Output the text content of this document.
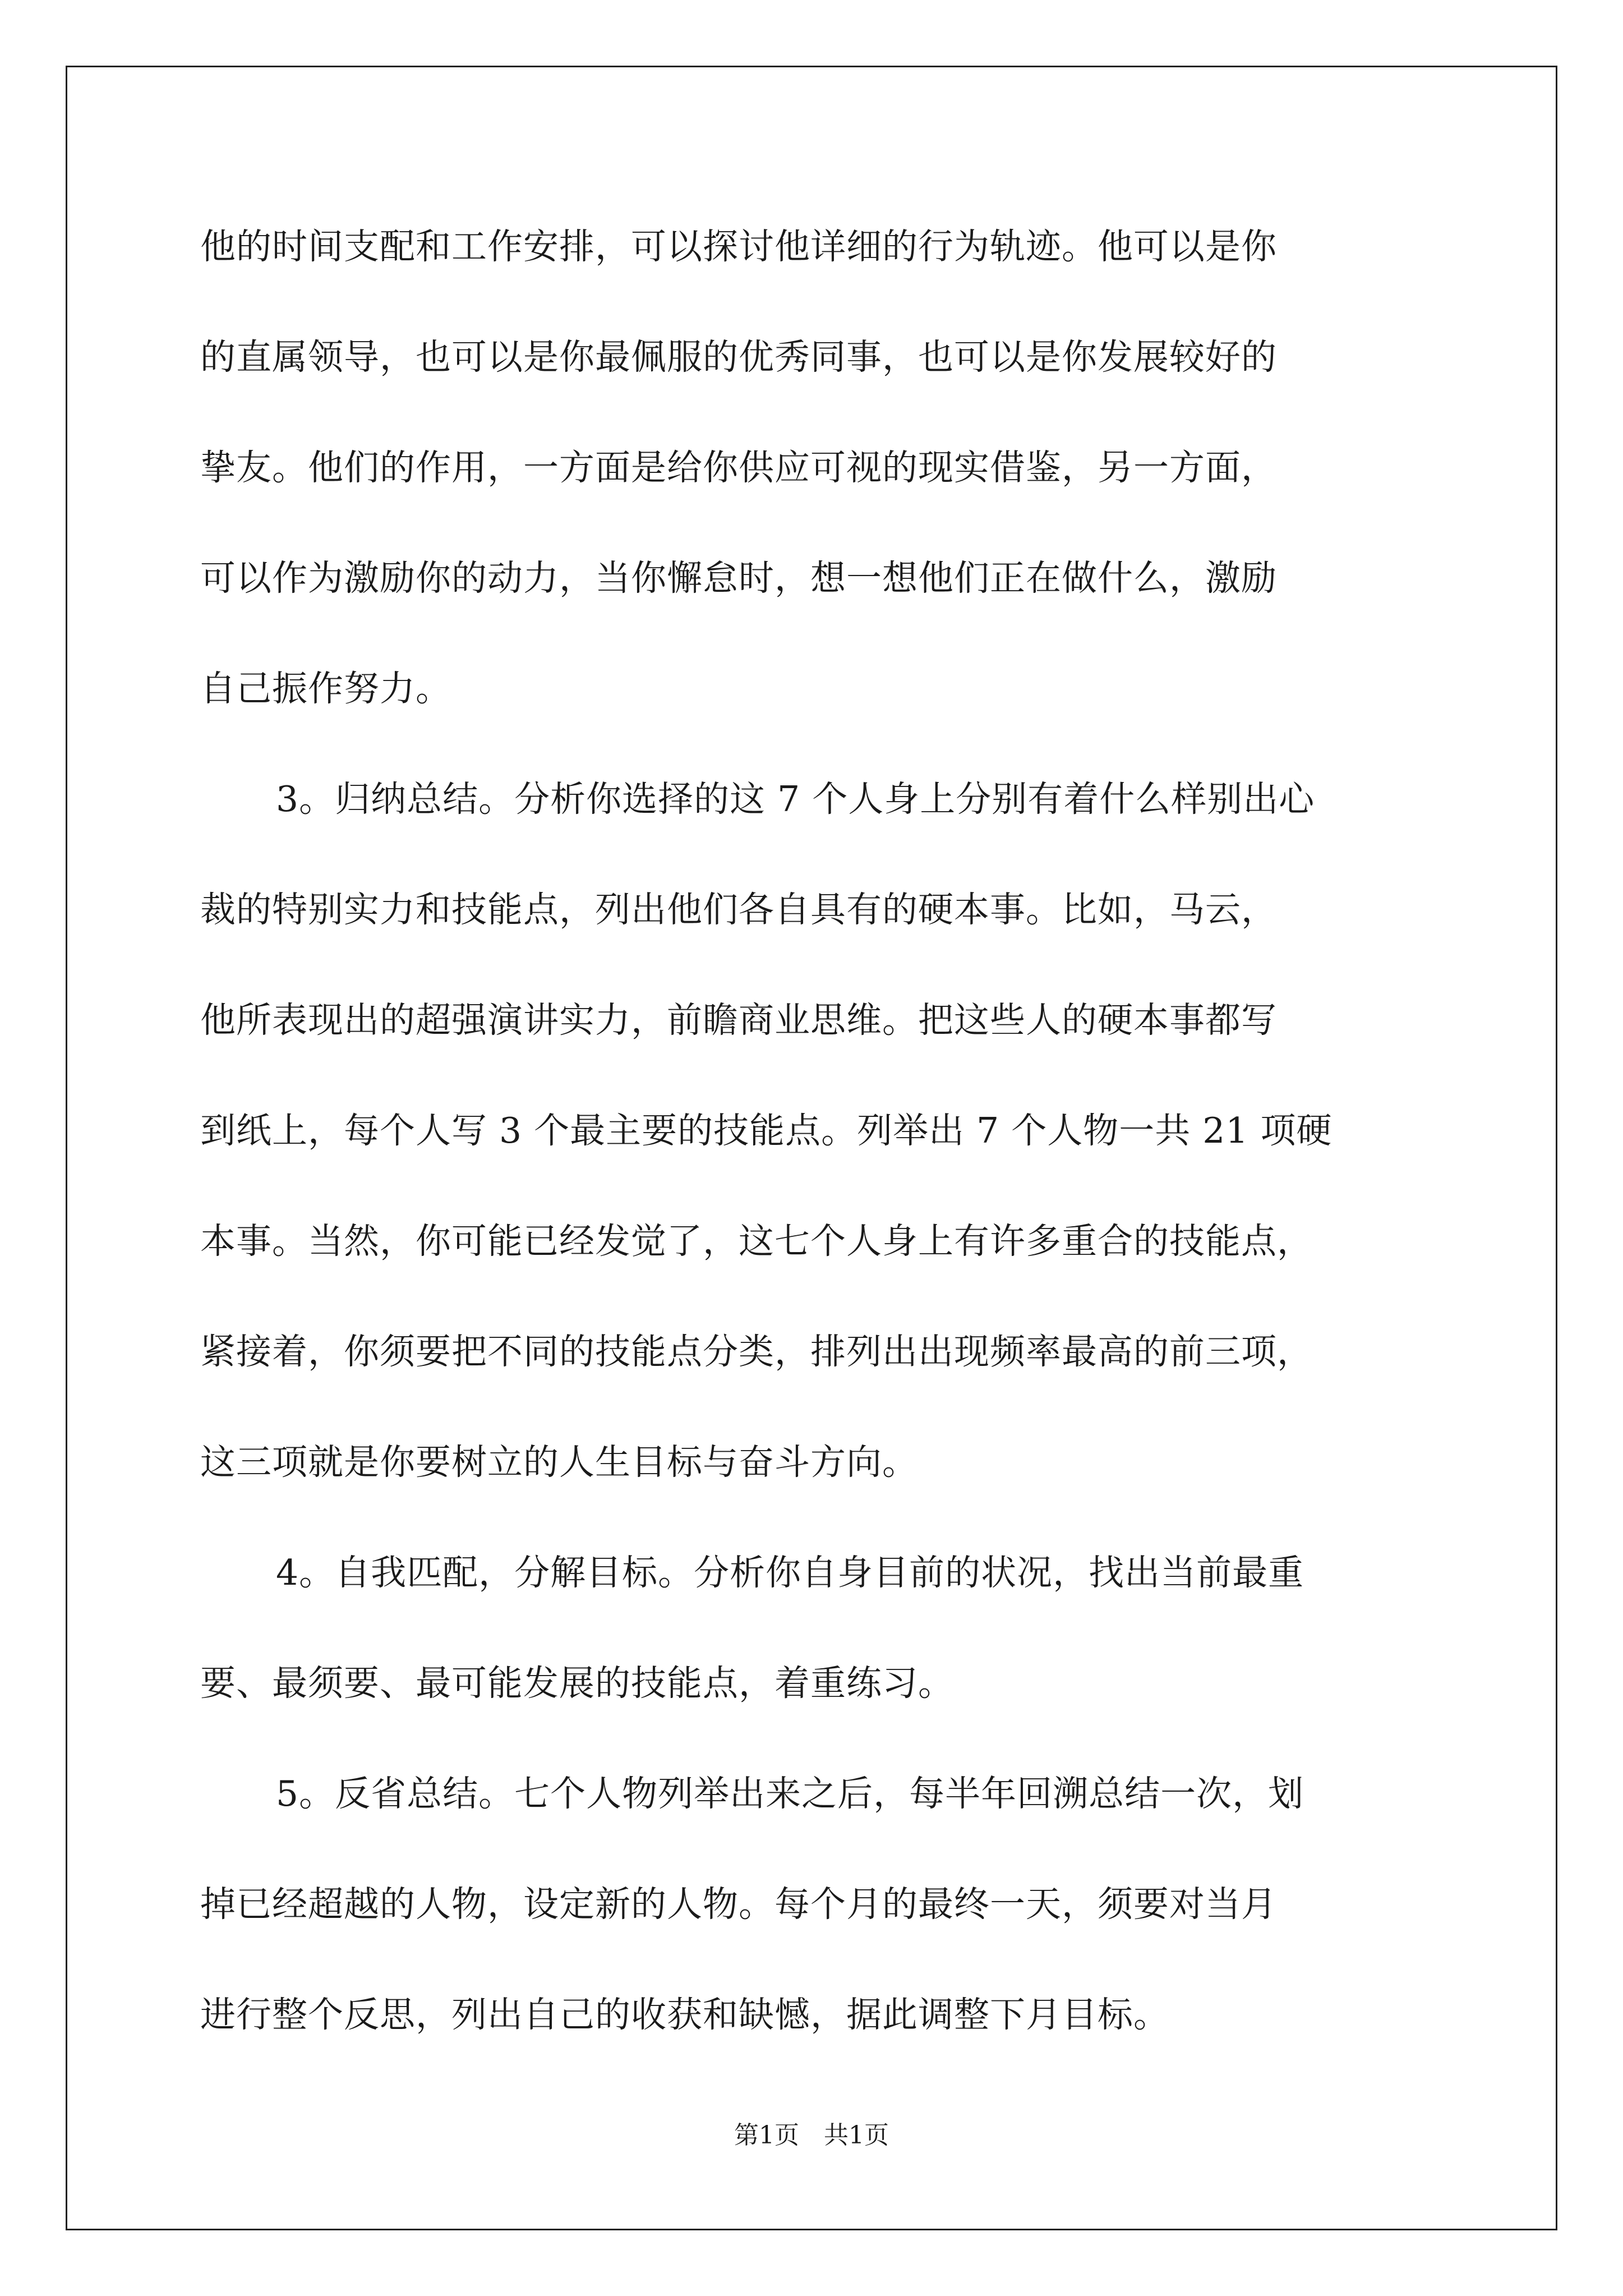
他的时间支配和工作安排，可以探讨他详细的行为轨迹。他可以是你
的直属领导，也可以是你最佩服的优秀同事，也可以是你发展较好的
挚友。他们的作用，一方面是给你供应可视的现实借鉴，另一方面，
可以作为激励你的动力，当你懈怠时，想一想他们正在做什么，激励
自己振作努力。
3。归纳总结。分析你选择的这 7 个人身上分别有着什么样别出心
裁的特别实力和技能点，列出他们各自具有的硬本事。比如，马云，
他所表现出的超强演讲实力，前瞻商业思维。把这些人的硬本事都写
到纸上，每个人写 3 个最主要的技能点。列举出 7 个人物一共 21 项硬
本事。当然，你可能已经发觉了，这七个人身上有许多重合的技能点，
紧接着，你须要把不同的技能点分类，排列出出现频率最高的前三项，
这三项就是你要树立的人生目标与奋斗方向。
4。自我匹配，分解目标。分析你自身目前的状况，找出当前最重
要、最须要、最可能发展的技能点，着重练习。
5。反省总结。七个人物列举出来之后，每半年回溯总结一次，划
掉已经超越的人物，设定新的人物。每个月的最终一天，须要对当月
进行整个反思，列出自己的收获和缺憾，据此调整下月目标。
第1页　共1页
